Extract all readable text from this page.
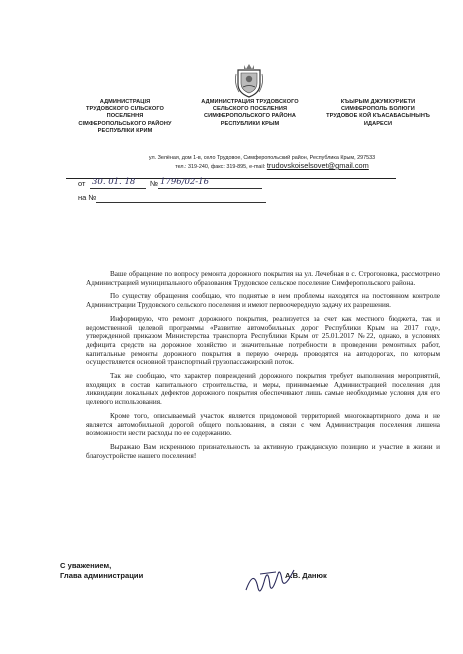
АДМИНИСТРАЦIЯ
ТРУДОВСКОГО СIЛЬСКОГО
ПОСЕЛЕННЯ
СIМФЕРОПОЛЬСЬКОГО РАЙОНУ
РЕСПУБЛIКИ КРИМ
АДМИНИСТРАЦИЯ ТРУДОВСКОГО
СЕЛЬСКОГО ПОСЕЛЕНИЯ
СИМФЕРОПОЛЬСКОГО РАЙОНА
РЕСПУБЛИКИ КРЫМ
КЪЫРЫМ ДЖУМХУРИЕТИ
СИМФЕРОПОЛЬ БОЛЮГИ
ТРУДОВОЕ КОЙ КЪАСАБАСЫНЫНЪ
ИДАРЕСИ
ул. Зелёная, дом 1-в, село Трудовое, Симферопольский район, Республика Крым, 297533
тел.: 319-240, факс: 319-895, e-mail: trudovskoiselsovet@gmail.com
от 30. 01. 18 № 1796/02-16
на №

Ваше обращение по вопросу ремонта дорожного покрытия на ул. Лечебная в с. Строгоновка, рассмотрено Администрацией муниципального образования Трудовское сельское поселение Симферопольского района.

По существу обращения сообщаю, что поднятые в нем проблемы находятся на постоянном контроле Администрации Трудовского сельского поселения и имеют первоочередную задачу их разрешения.

Информирую, что ремонт дорожного покрытия, реализуется за счет как местного бюджета, так и ведомственной целевой программы «Развитие автомобильных дорог Республики Крым на 2017 год», утвержденной приказом Министерства транспорта Республики Крым от 25.01.2017 №22, однако, в условиях дефицита средств на дорожное хозяйство и значительные потребности в проведении ремонтных работ, капитальные ремонты дорожного покрытия в первую очередь проводятся на автодорогах, по которым осуществляется основной транспортный грузопассажирский поток.

Так же сообщаю, что характер повреждений дорожного покрытия требует выполнения мероприятий, входящих в состав капитального строительства, и меры, принимаемые Администрацией поселения для ликвидации локальных дефектов дорожного покрытия обеспечивают лишь самые необходимые условия для его целевого использования.

Кроме того, описываемый участок является придомовой территорией многоквартирного дома и не является автомобильной дорогой общего пользования, в связи с чем Администрация поселения лишена возможности нести расходы по ее содержанию.

Выражаю Вам искреннюю признательность за активную гражданскую позицию и участие в жизни и благоустройстве нашего поселения!

С уважением,
Глава администрации	А.В. Данюк
